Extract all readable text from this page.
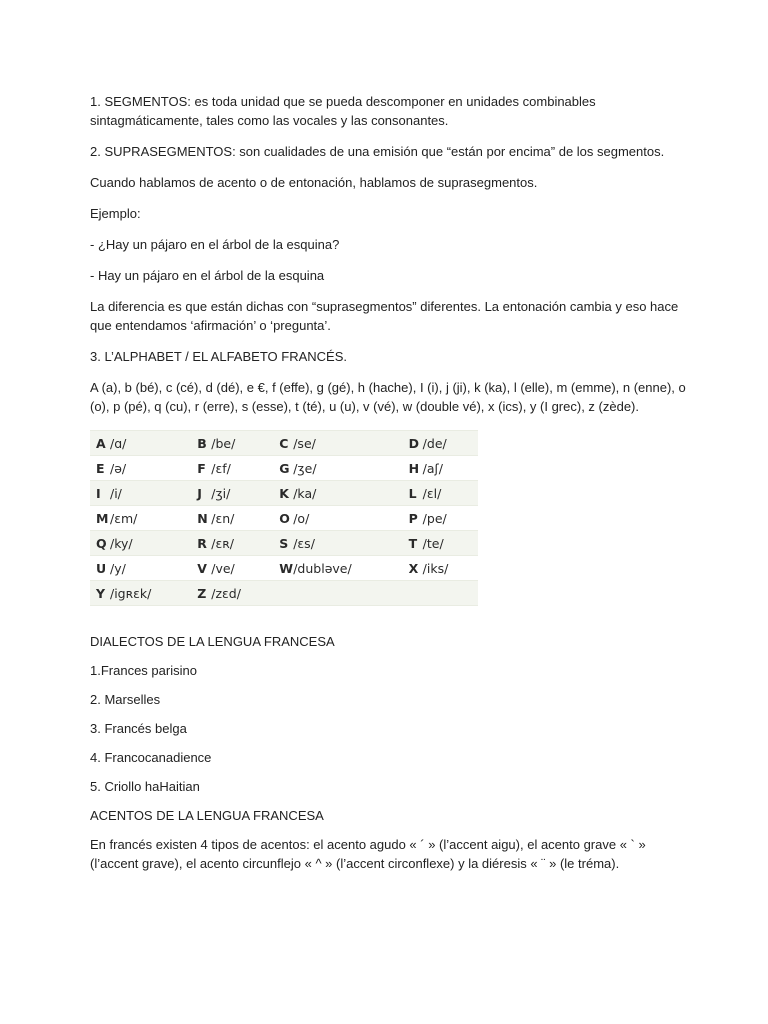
1. SEGMENTOS: es toda unidad que se pueda descomponer en unidades combinables sintagmáticamente, tales como las vocales y las consonantes.

2. SUPRASEGMENTOS: son cualidades de una emisión que “están por encima” de los segmentos.

Cuando hablamos de acento o de entonación, hablamos de suprasegmentos.

Ejemplo:

- ¿Hay un pájaro en el árbol de la esquina?

- Hay un pájaro en el árbol de la esquina

La diferencia es que están dichas con “suprasegmentos” diferentes. La entonación cambia y eso hace que entendamos ‘afirmación’ o ‘pregunta’.

3. L’ALPHABET / EL ALFABETO FRANCÉS.

A (a), b (bé), c (cé), d (dé), e €, f (effe), g (gé), h (hache), I (i), j (ji), k (ka), l (elle), m (emme), n (enne), o (o), p (pé), q (cu), r (erre), s (esse), t (té), u (u), v (vé), w (double vé), x (ics), y (I grec), z (zède).

A /ɑ/	B /be/	C /se/	D /de/
E /ə/	F /ɛf/	G /ʒe/	H /aʃ/
I /i/	J /ʒi/	K /ka/	L /ɛl/
M /ɛm/	N /ɛn/	O /o/	P /pe/
Q /ky/	R /ɛʀ/	S /ɛs/	T /te/
U /y/	V /ve/	W/dubləve/	X /iks/
Y /igʀɛk/	Z /zɛd/		

DIALECTOS DE LA LENGUA FRANCESA

1.Frances parisino

2. Marselles

3. Francés belga

4. Francocanadience

5. Criollo haHaitian

ACENTOS DE LA LENGUA FRANCESA

En francés existen 4 tipos de acentos: el acento agudo « ´ » (l’accent aigu), el acento grave « ` » (l’accent grave), el acento circunflejo « ^ » (l’accent circonflexe) y la diéresis « ¨ » (le tréma).
